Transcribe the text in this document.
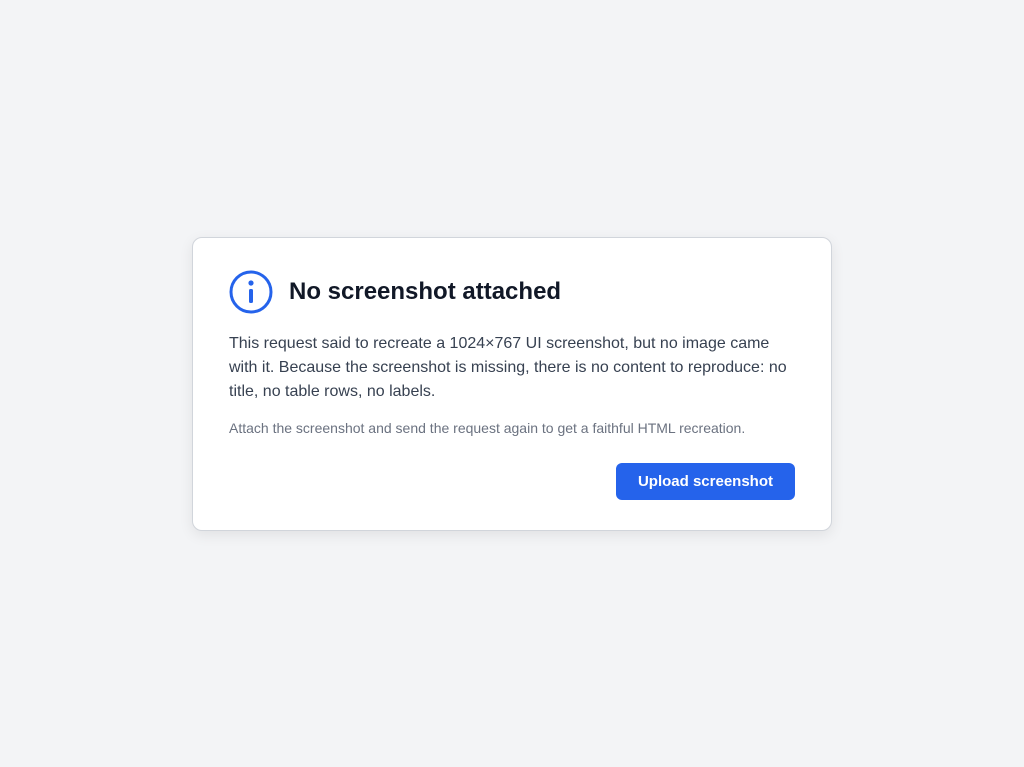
No screenshot attached

This request said to recreate a 1024×767 UI screenshot, but no image came with it. Because the screenshot is missing, there is no content to reproduce: no title, no table rows, no labels.

Attach the screenshot and send the request again to get a faithful HTML recreation.

Upload screenshot
